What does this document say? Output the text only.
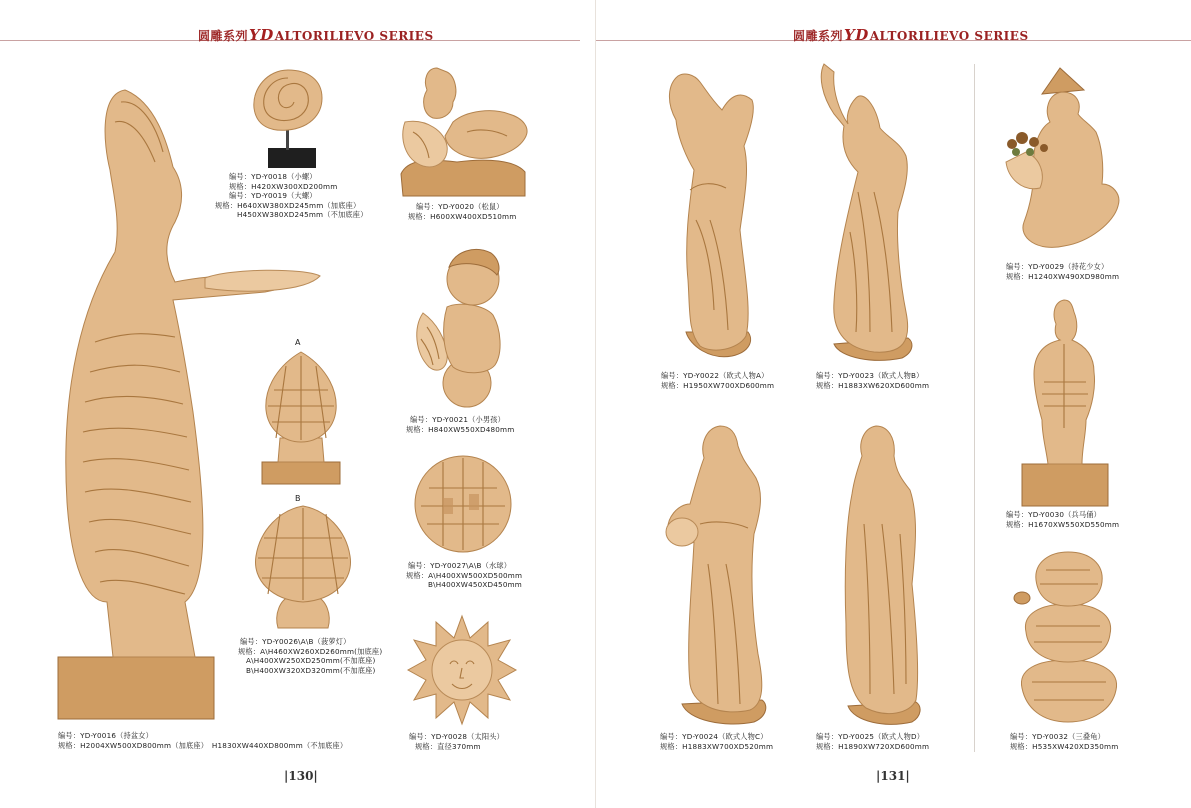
圆雕系列YDALTORILIEVO SERIES	圆雕系列YDALTORILIEVO SERIES
编号：YD-Y0016（持盆女）
规格：H2004XW500XD800mm（加底座）　H1830XW440XD800mm（不加底座）
编号：YD-Y0018（小螺）
规格：H420XW300XD200mm
编号：YD-Y0019（大螺）
规格：H640XW380XD245mm（加底座）
H450XW380XD245mm（不加底座）
编号：YD-Y0020（松鼠）
规格：H600XW400XD510mm
编号：YD-Y0021（小男孩）
规格：H840XW550XD480mm
A
B
编号：YD-Y0026\A\B（菠萝灯）
规格：A\H460XW260XD260mm(加底座)
A\H400XW250XD250mm(不加底座)
B\H400XW320XD320mm(不加底座)
编号：YD-Y0027\A\B（水球）
规格：A\H400XW500XD500mm
B\H400XW450XD450mm
编号：YD-Y0028（太阳头）
规格：直径370mm
|130|
编号：YD-Y0022（欧式人物A）
规格：H1950XW700XD600mm
编号：YD-Y0023（欧式人物B）
规格：H1883XW620XD600mm
编号：YD-Y0024（欧式人物C）
规格：H1883XW700XD520mm
编号：YD-Y0025（欧式人物D）
规格：H1890XW720XD600mm
编号：YD-Y0029（持花少女）
规格：H1240XW490XD980mm
编号：YD-Y0030（兵马俑）
规格：H1670XW550XD550mm
编号：YD-Y0032（三叠龟）
规格：H535XW420XD350mm
|131|
